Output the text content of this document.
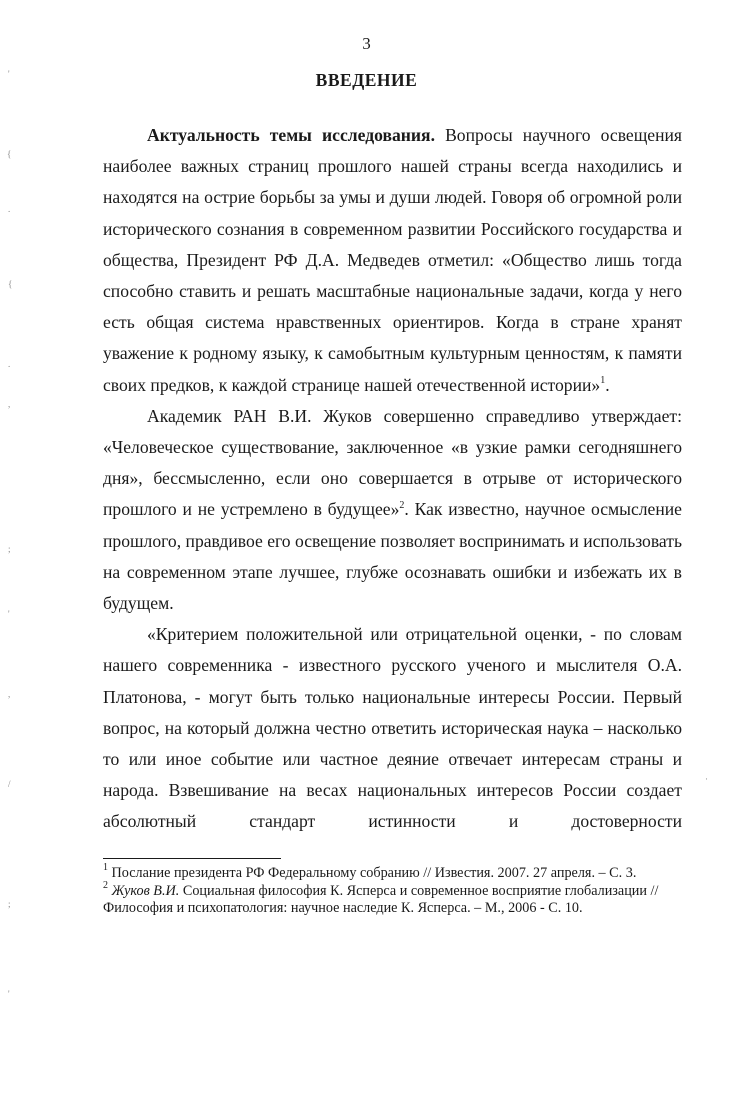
3
ВВЕДЕНИЕ

Актуальность темы исследования. Вопросы научного освещения наиболее важных страниц прошлого нашей страны всегда находились и находятся на острие борьбы за умы и души людей. Говоря об огромной роли исторического сознания в современном развитии Российского государства и общества, Президент РФ Д.А. Медведев отметил: «Общество лишь тогда способно ставить и решать масштабные национальные задачи, когда у него есть общая система нравственных ориентиров. Когда в стране хранят уважение к родному языку, к самобытным культурным ценностям, к памяти своих предков, к каждой странице нашей отечественной истории»$^1$.

Академик РАН В.И. Жуков совершенно справедливо утверждает: «Человеческое существование, заключенное «в узкие рамки сегодняшнего дня», бессмысленно, если оно совершается в отрыве от исторического прошлого и не устремлено в будущее»$^2$. Как известно, научное осмысление прошлого, правдивое его освещение позволяет воспринимать и использовать на современном этапе лучшее, глубже осознавать ошибки и избежать их в будущем.

«Критерием положительной или отрицательной оценки, - по словам нашего современника - известного русского ученого и мыслителя О.А. Платонова, - могут быть только национальные интересы России. Первый вопрос, на который должна честно ответить историческая наука – насколько то или иное событие или частное деяние отвечает интересам страны и народа. Взвешивание на весах национальных интересов России создает абсолютный стандарт истинности и достоверности

$^1$ Послание президента РФ Федеральному собранию // Известия. 2007. 27 апреля. – С. 3.

$^2$ Жуков В.И. Социальная философия К. Ясперса и современное восприятие глобализации // Философия и психопатология: научное наследие К. Ясперса. – М., 2006 - С. 10.

'
{
.
{
.
,
;
'
,
/
;
'
·
